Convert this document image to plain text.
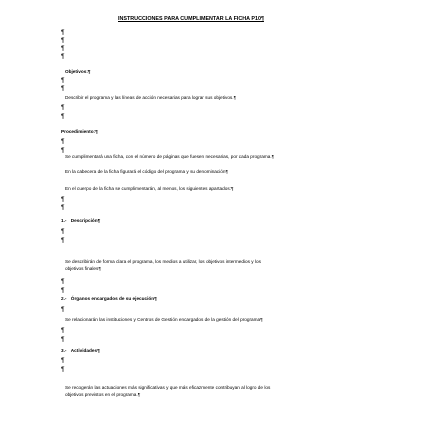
INSTRUCCIONES PARA CUMPLIMENTAR LA FICHA P10¶
¶
¶
¶
¶
Objetivos:¶
¶
¶
Describir el programa y las líneas de acción necesarias para lograr sus objetivos.¶
¶
¶
Procedimiento:¶
¶
¶
Se cumplimentará una ficha, con el número de páginas que fuesen necesarias, por cada programa.¶
En la cabecera de la ficha figurará el código del programa y su denominación¶
En el cuerpo de la ficha se cumplimentarán, al menos, los siguientes apartados:¶
¶
¶
1.- Descripción¶
¶
¶
Se describirán de forma clara el programa, los medios a utilizar, los objetivos intermedios y los
objetivos finales¶
¶
¶
2.- Órganos encargados de su ejecución¶
¶
Se relacionarán las instituciones y Centros de Gestión encargados de la gestión del programa¶
¶
¶
3.- Actividades¶
¶
¶
Se recogerán las actuaciones más significativas y que más eficazmente contribuyan al logro de los
objetivos previstos en el programa.¶
